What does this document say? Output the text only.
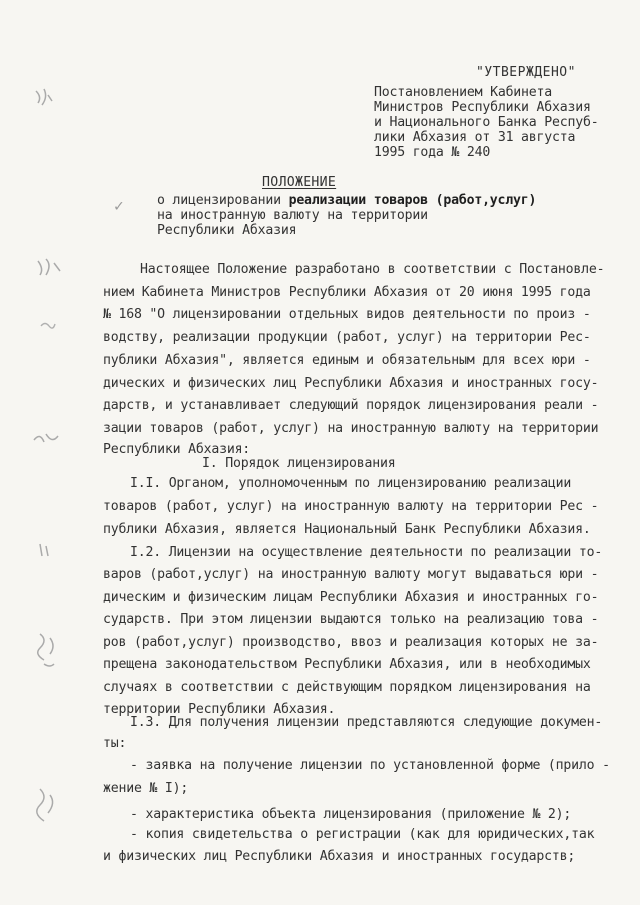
"УТВЕРЖДЕНО"
Постановлением Кабинета
Министров Республики Абхазия
и Национального Банка Респуб-
лики Абхазия от 31 августа
1995 года № 240
ПОЛОЖЕНИЕ
о лицензировании реализации товаров (работ,услуг)
на иностранную валюту на территории
Республики Абхазия
Настоящее Положение разработано в соответствии с Постановле-
нием Кабинета Министров Республики Абхазия от 20 июня 1995 года
№ 168 "О лицензировании отдельных видов деятельности по произ -
водству, реализации продукции (работ, услуг) на территории Рес-
публики Абхазия", является единым и обязательным для всех юри -
дических и физических лиц Республики Абхазия и иностранных госу-
дарств, и устанавливает следующий порядок лицензирования реали -
зации товаров (работ, услуг) на иностранную валюту на территории
Республики Абхазия:
I. Порядок лицензирования
I.I. Органом, уполномоченным по лицензированию реализации
товаров (работ, услуг) на иностранную валюту на территории Рес -
публики Абхазия, является Национальный Банк Республики Абхазия.
I.2. Лицензии на осуществление деятельности по реализации то-
варов (работ,услуг) на иностранную валюту могут выдаваться юри -
дическим и физическим лицам Республики Абхазия и иностранных го-
сударств. При этом лицензии выдаются только на реализацию това -
ров (работ,услуг) производство, ввоз и реализация которых не за-
прещена законодательством Республики Абхазия, или в необходимых
случаях в соответствии с действующим порядком лицензирования на
территории Республики Абхазия.
I.3. Для получения лицензии представляются следующие докумен-
ты:
- заявка на получение лицензии по установленной форме (прило -
жение № I);
- характеристика объекта лицензирования (приложение № 2);
- копия свидетельства о регистрации (как для юридических,так
и физических лиц Республики Абхазия и иностранных государств;
✓
